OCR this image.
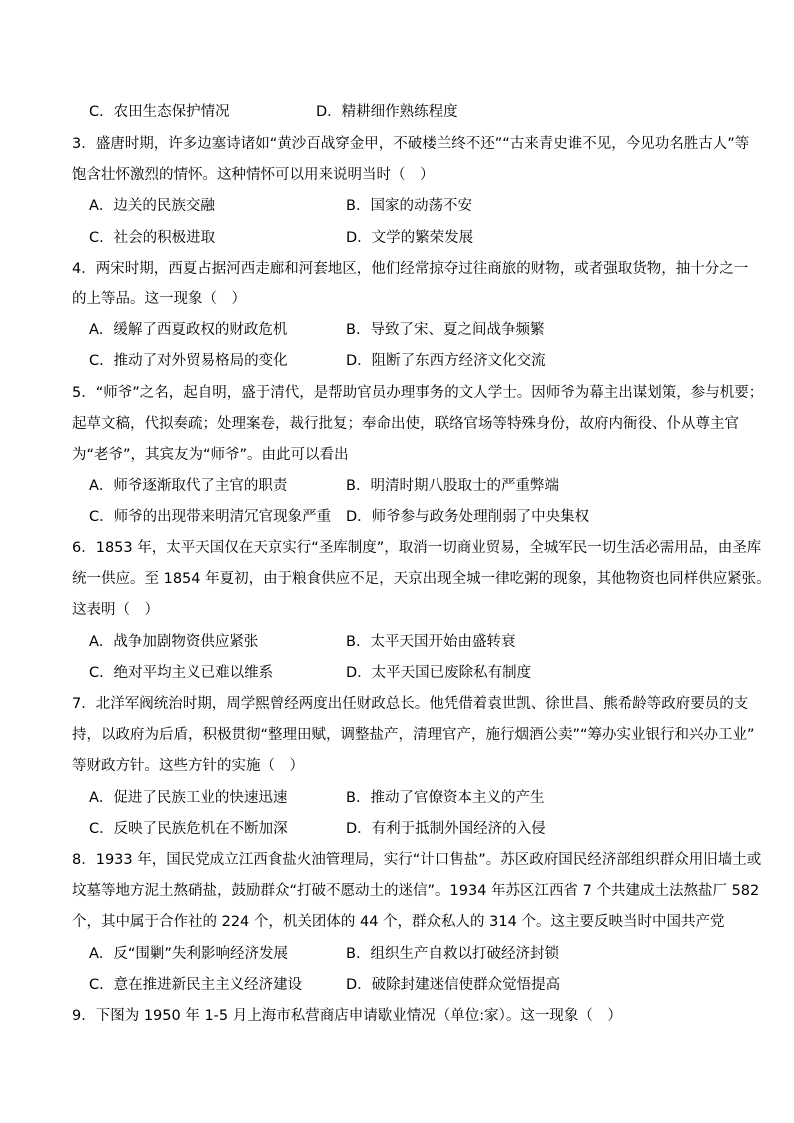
C．农田生态保护情况	D．精耕细作熟练程度
3．盛唐时期，许多边塞诗诸如“黄沙百战穿金甲，不破楼兰终不还”“古来青史谁不见，今见功名胜古人”等
饱含壮怀激烈的情怀。这种情怀可以用来说明当时（　）
A．边关的民族交融	B．国家的动荡不安
C．社会的积极进取	D．文学的繁荣发展
4．两宋时期，西夏占据河西走廊和河套地区，他们经常掠夺过往商旅的财物，或者强取货物，抽十分之一
的上等品。这一现象（　）
A．缓解了西夏政权的财政危机	B．导致了宋、夏之间战争频繁
C．推动了对外贸易格局的变化	D．阻断了东西方经济文化交流
5．“师爷”之名，起自明，盛于清代，是帮助官员办理事务的文人学士。因师爷为幕主出谋划策，参与机要；
起草文稿，代拟奏疏；处理案卷，裁行批复；奉命出使，联络官场等特殊身份，故府内衙役、仆从尊主官
为“老爷”，其宾友为“师爷”。由此可以看出
A．师爷逐渐取代了主官的职责	B．明清时期八股取士的严重弊端
C．师爷的出现带来明清冗官现象严重 D．师爷参与政务处理削弱了中央集权
6．1853 年，太平天国仅在天京实行“圣库制度”，取消一切商业贸易，全城军民一切生活必需用品，由圣库
统一供应。至 1854 年夏初，由于粮食供应不足，天京出现全城一律吃粥的现象，其他物资也同样供应紧张。
这表明（　）
A．战争加剧物资供应紧张	B．太平天国开始由盛转衰
C．绝对平均主义已难以维系	D．太平天国已废除私有制度
7．北洋军阀统治时期，周学熙曾经两度出任财政总长。他凭借着袁世凯、徐世昌、熊希龄等政府要员的支
持，以政府为后盾，积极贯彻“整理田赋，调整盐产，清理官产，施行烟酒公卖”“筹办实业银行和兴办工业”
等财政方针。这些方针的实施（　）
A．促进了民族工业的快速迅速	B．推动了官僚资本主义的产生
C．反映了民族危机在不断加深	D．有利于抵制外国经济的入侵
8．1933 年，国民党成立江西食盐火油管理局，实行“计口售盐”。苏区政府国民经济部组织群众用旧墙土或
坟墓等地方泥土熬硝盐，鼓励群众“打破不愿动土的迷信”。1934 年苏区江西省 7 个共建成土法熬盐厂 582
个，其中属于合作社的 224 个，机关团体的 44 个，群众私人的 314 个。这主要反映当时中国共产党
A．反“围剿”失利影响经济发展	B．组织生产自救以打破经济封锁
C．意在推进新民主主义经济建设	D．破除封建迷信使群众觉悟提高
9．下图为 1950 年 1-5 月上海市私营商店申请歇业情况（单位:家）。这一现象（　）
